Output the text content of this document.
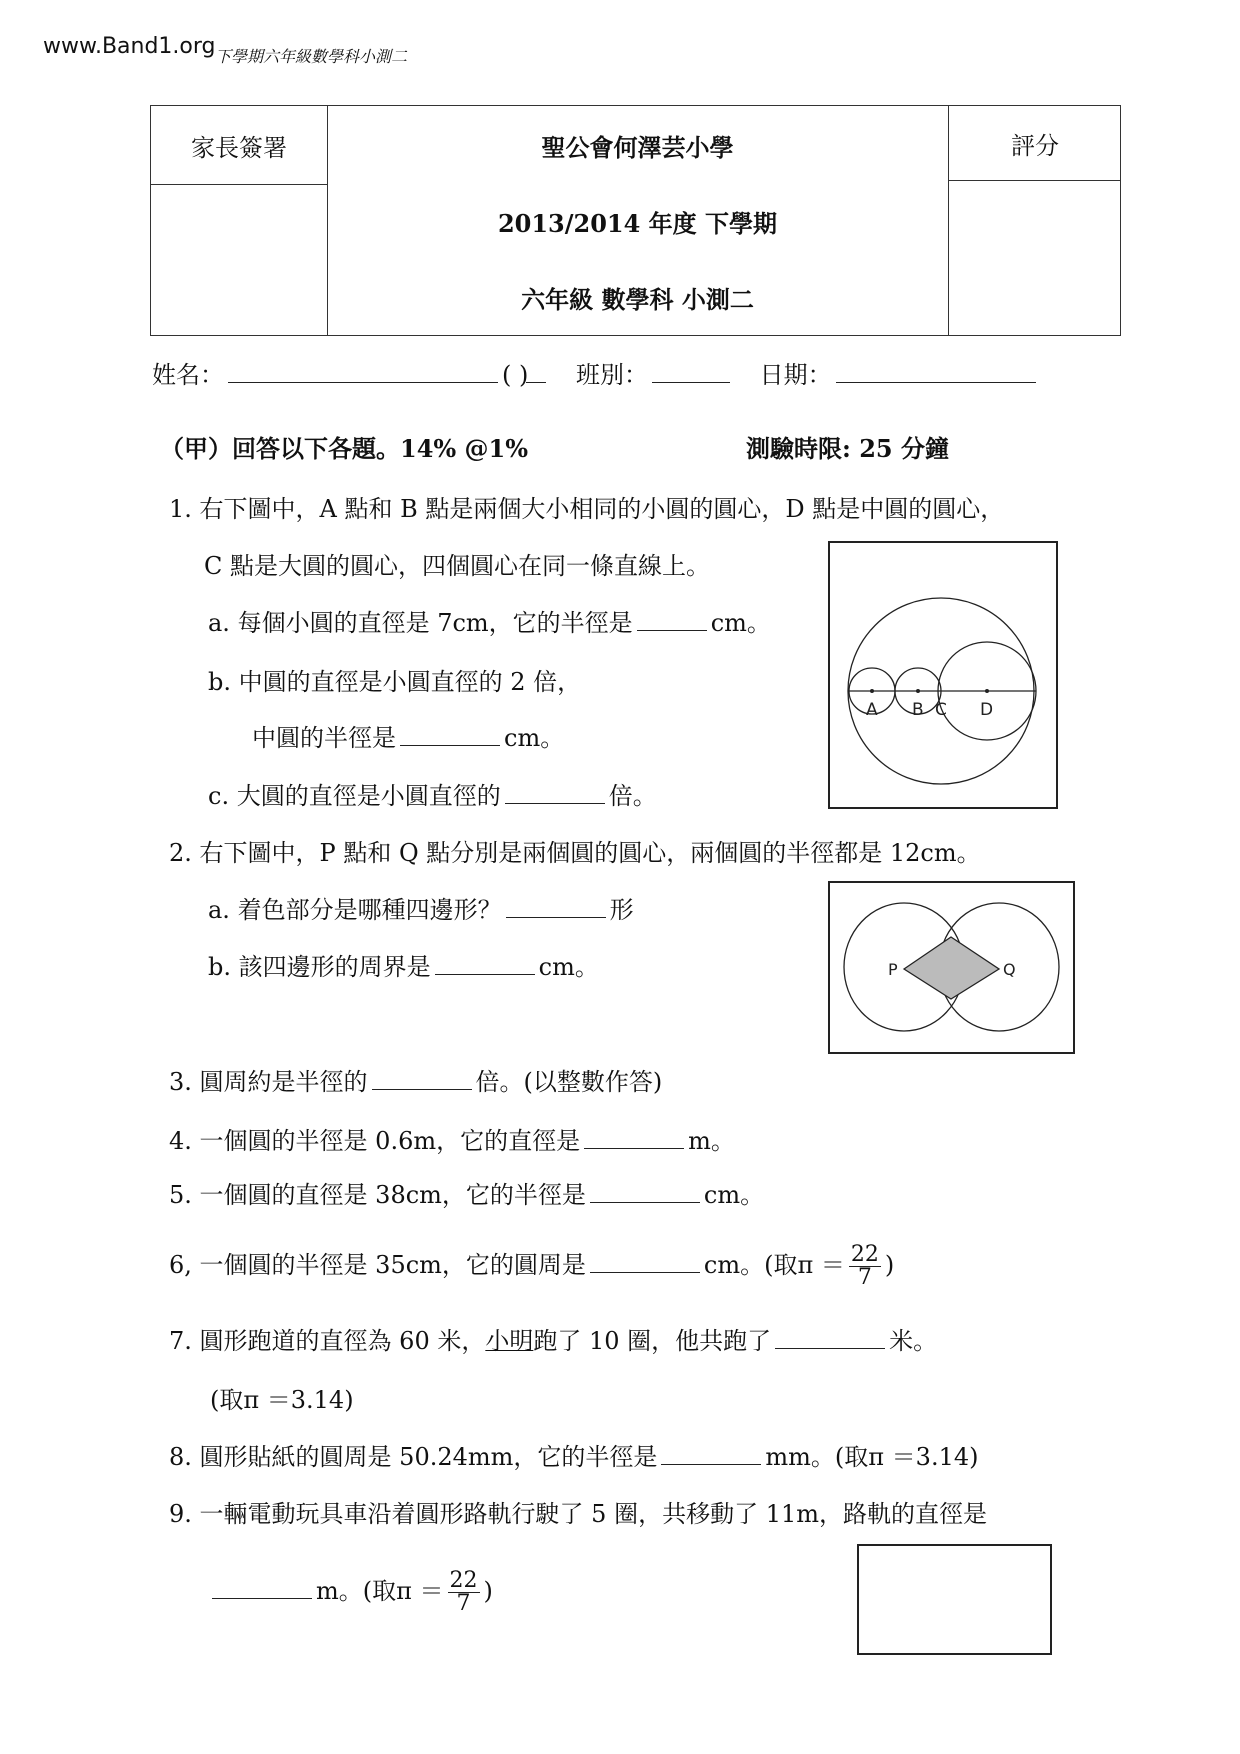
www.Band1.org 下學期六年級數學科小測二
家長簽署	聖公會何澤芸小學
2013/2014 年度 下學期
六年級 數學科 小測二
評分
姓名：	( ) 班別：	日期：
（甲）回答以下各題。14% @1%	測驗時限: 25 分鐘
1. 右下圖中，A 點和 B 點是兩個大小相同的小圓的圓心，D 點是中圓的圓心，
C 點是大圓的圓心，四個圓心在同一條直線上。
a. 每個小圓的直徑是 7cm，它的半徑是	cm。
b. 中圓的直徑是小圓直徑的 2 倍，
中圓的半徑是	cm。
c. 大圓的直徑是小圓直徑的	倍。
A B C D
2. 右下圖中，P 點和 Q 點分別是兩個圓的圓心，兩個圓的半徑都是 12cm。
a. 着色部分是哪種四邊形？	形
b. 該四邊形的周界是	cm。	P	Q
3. 圓周約是半徑的	倍。(以整數作答)
4. 一個圓的半徑是 0.6m，它的直徑是	m。
5. 一個圓的直徑是 38cm，它的半徑是	cm。
6, 一個圓的半徑是 35cm，它的圓周是	cm。(取$\pi = \frac{22}{7}$ )
7. 圓形跑道的直徑為 60 米，小明跑了 10 圈，他共跑了	米。
(取π ＝3.14)
8. 圓形貼紙的圓周是 50.24mm，它的半徑是	mm。(取π ＝3.14)
9. 一輛電動玩具車沿着圓形路軌行駛了 5 圈，共移動了 11m，路軌的直徑是
m。(取$\pi = \frac{22}{7}$ )
